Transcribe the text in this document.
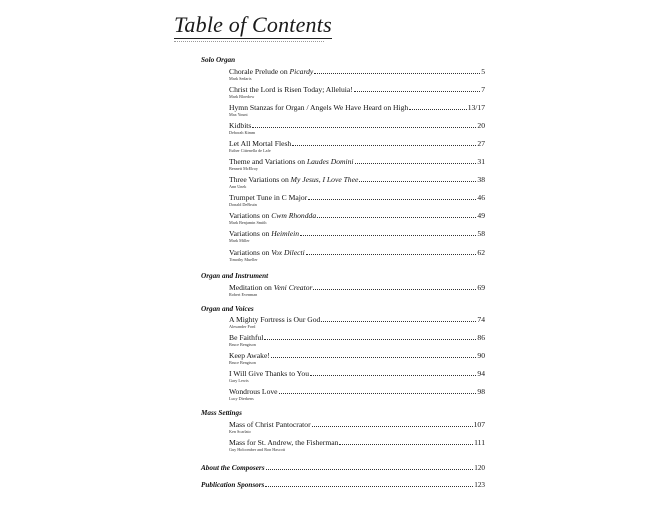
Table of Contents
Solo Organ
Chorale Prelude on Picardy	5
Mark Sedaris
Christ the Lord is Risen Today; Alleluia!	7
Mark Bloedow
Hymn Stanzas for Organ / Angels We Have Heard on High	13/17
Max Yount
Kidbits	20
Deborah Kimm
Let All Mortal Flesh	27
Esther Cittenella de Lafe
Theme and Variations on Laudes Domini	31
Bennett McElroy
Three Variations on My Jesus, I Love Thee	38
Ann Unek
Trumpet Tune in C Major	46
Donald DeBruin
Variations on Cwm Rhondda	49
Mark Benjamin Smith
Variations on Heimlein	58
Mark Miller
Variations on Vox Dilecti	62
Timothy Mueller
Organ and Instrument
Meditation on Veni Creator	69
Robert Evenman
Organ and Voices
A Mighty Fortress is Our God	74
Alexander Ford
Be Faithful	86
Bruce Bengtson
Keep Awake!	90
Bruce Bengtson
I Will Give Thanks to You	94
Gary Lewis
Wondrous Love	98
Lucy Dierkens
Mass Settings
Mass of Christ Pantocrator	107
Ken Scarlato
Mass for St. Andrew, the Fisherman	111
Guy Holcomber and Ron Hascott
About the Composers	120
Publication Sponsors	123
